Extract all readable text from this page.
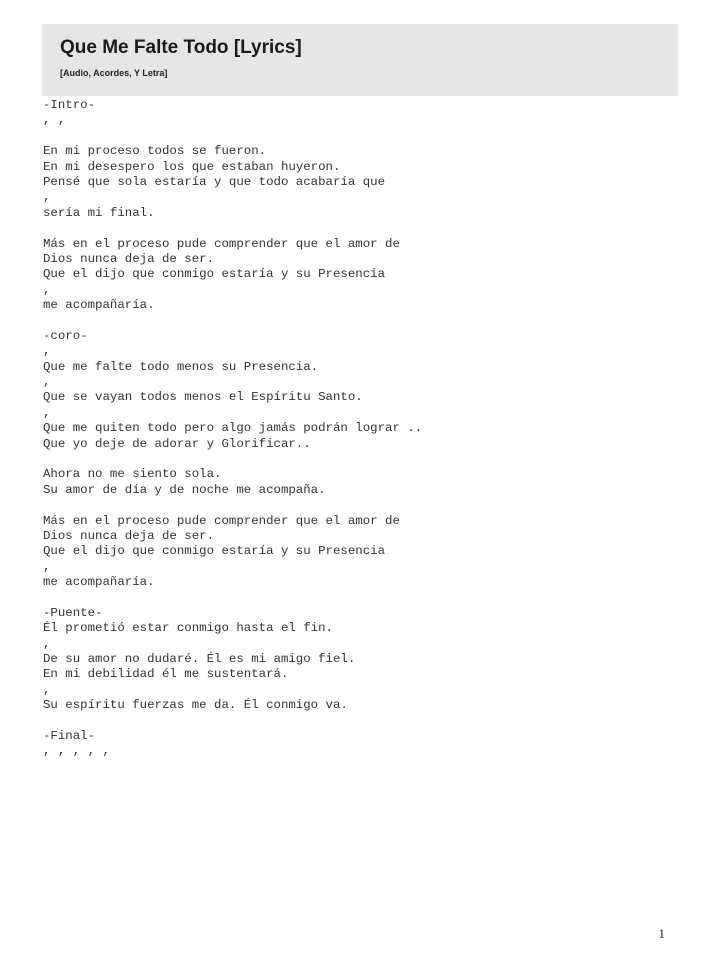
Que Me Falte Todo [Lyrics]
[Audio, Acordes, Y Letra]
-Intro-
, ,
En mi proceso todos se fueron.
En mi desespero los que estaban huyeron.
Pensé que sola estaría y que todo acabaría que
,
sería mi final.
Más en el proceso pude comprender que el amor de
Dios nunca deja de ser.
Que el dijo que conmigo estaría y su Presencia
,
me acompañaría.
-coro-
,
Que me falte todo menos su Presencia.
,
Que se vayan todos menos el Espíritu Santo.
,
Que me quiten todo pero algo jamás podrán lograr ..
Que yo deje de adorar y Glorificar..
Ahora no me siento sola.
Su amor de día y de noche me acompaña.
Más en el proceso pude comprender que el amor de
Dios nunca deja de ser.
Que el dijo que conmigo estaría y su Presencia
,
me acompañaría.
-Puente-
Él prometió estar conmigo hasta el fin.
,
De su amor no dudaré. Él es mi amigo fiel.
En mi debilidad él me sustentará.
,
Su espíritu fuerzas me da. Él conmigo va.
-Final-
, , , , ,
1
